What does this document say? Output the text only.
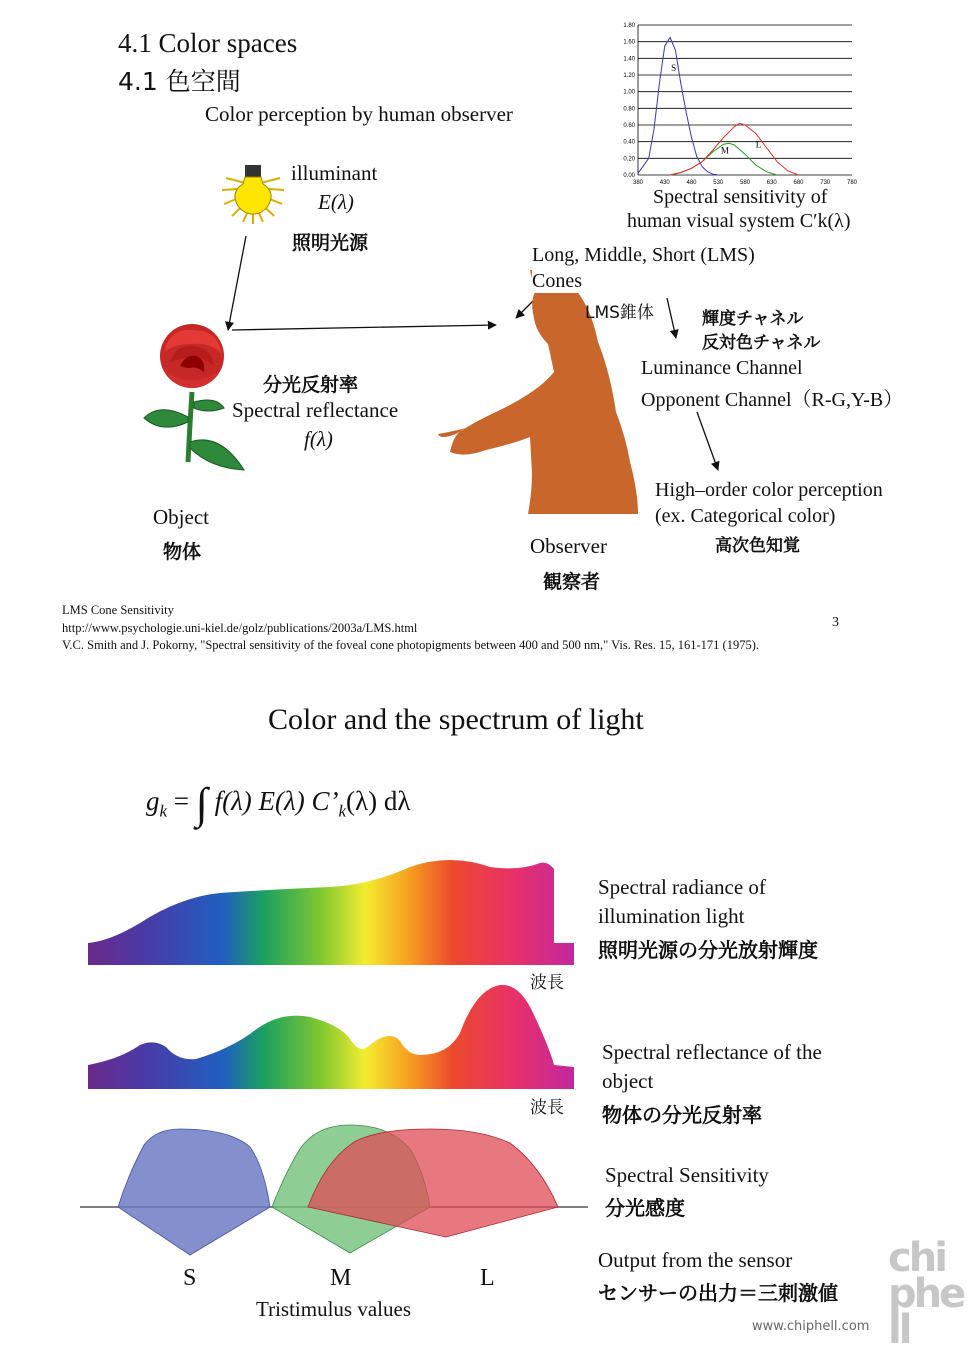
4.1 Color spaces
4.1 色空間
Color perception by human observer
0.00
0.20
0.40
0.60
0.80
1.00
1.20
1.40
1.60
1.80
380	430	480	530	580	630	680	730	780
S
M
L
Spectral sensitivity of
human visual system C′k(λ)
illuminant
E(λ)
照明光源
分光反射率
Spectral reflectance
f(λ)
Object
物体
Long, Middle, Short (LMS)
Cones
LMS錐体
Observer
観察者
輝度チャネル
反対色チャネル
Luminance Channel
Opponent Channel（R-G,Y-B）
High–order color perception
(ex. Categorical color)
高次色知覚
LMS Cone Sensitivity
http://www.psychologie.uni-kiel.de/golz/publications/2003a/LMS.html
V.C. Smith and J. Pokorny, "Spectral sensitivity of the foveal cone photopigments between 400 and 500 nm," Vis. Res. 15, 161-171 (1975).
3
Color and the spectrum of light
$g_k$ = ∫ f(λ) E(λ) $C’_k(\lambda)$ dλ
波長
波長
Spectral radiance of
illumination light
照明光源の分光放射輝度
Spectral reflectance of the
object
物体の分光反射率
Spectral Sensitivity
分光感度
Output from the sensor
センサーの出力＝三刺激値
S	M	L
Tristimulus values
chiphell
www.chiphell.com
